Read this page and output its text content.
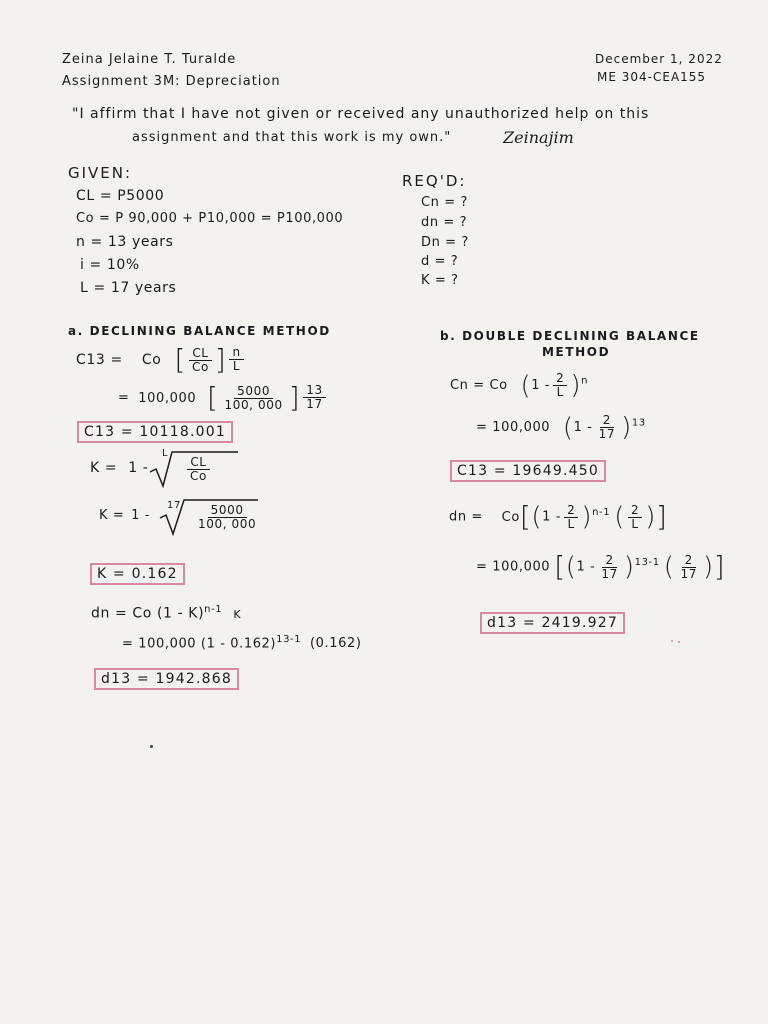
Zeina Jelaine T. Turalde
Assignment 3M: Depreciation
December 1, 2022
ME 304-CEA155
"I affirm that I have not given or received any unauthorized help on this
assignment and that this work is my own."	Zeinajim
GIVEN:
CL = P5000
Co = P 90,000 + P10,000 = P100,000
n = 13 years
i = 10%
L = 17 years
REQ'D:
Cn = ?
dn = ?
Dn = ?
d = ?
K = ?
a. DECLINING BALANCE METHOD
C13 = Co [ $\frac{CL}{Co}$ ] $\frac{n}{L}$
= 100,000 [ $\frac{5000}{100, 000}$ ] $\frac{13}{17}$
C13 = 10118.001
K = 1 -
L
$\frac{CL}{Co}$
K = 1 -
$17 \frac{5000}{100, 000}$
K = 0.162
dn = Co (1 - K)$^{n-1}$ K
= 100,000 (1 - 0.162)$^{13-1}$ (0.162)
d13 = 1942.868
b. DOUBLE DECLINING BALANCE
METHOD
Cn = Co $(1 - \frac{2}{L} )^n$
= 100,000 $(1 - \frac{2}{17} )^{13}$
C13 = 19649.450
dn = $Co[(1 - \frac{2}{L} )^{n-1}$ ( $\frac{2}{L}$ )]
= 100,000 [$(1 - \frac{2}{17} )^{13-1}$ ( $\frac{2}{17}$ )]
d13 = 2419.927
